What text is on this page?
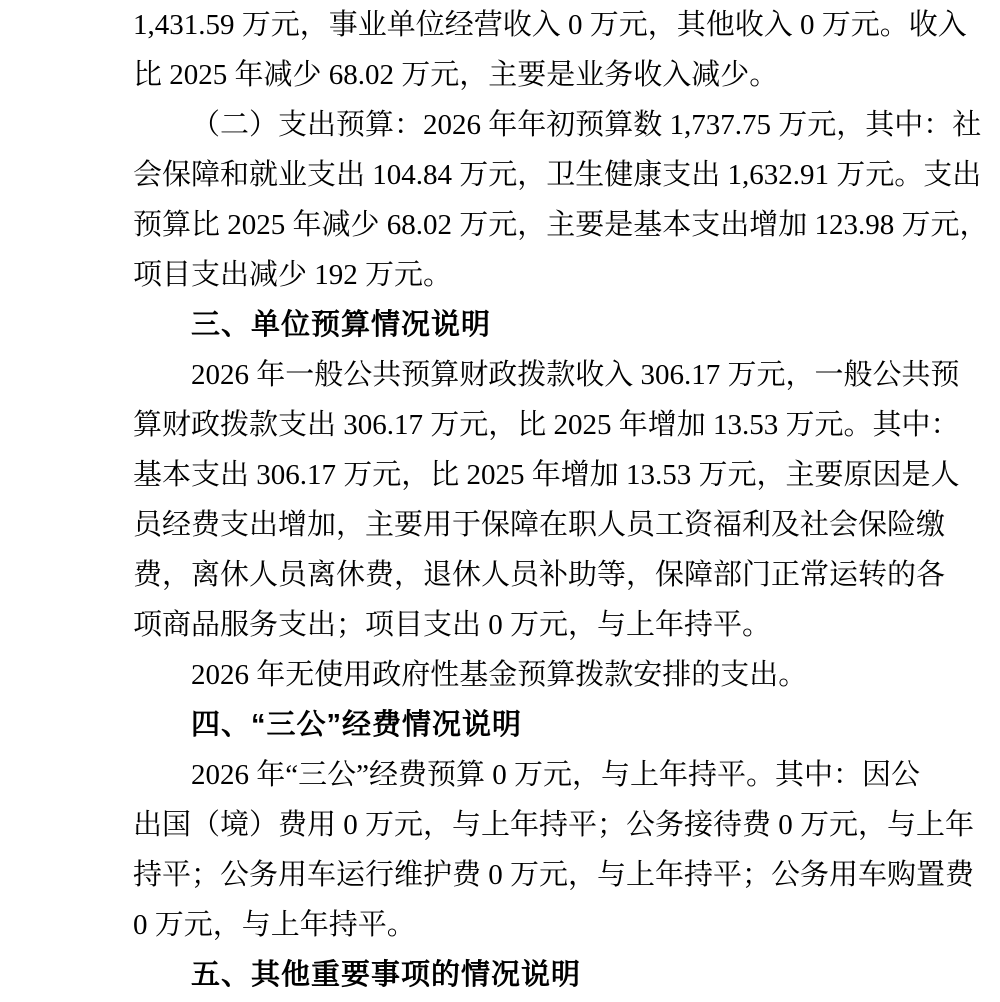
1,431.59 万元，事业单位经营收入 0 万元，其他收入 0 万元。收入
比 2025 年减少 68.02 万元，主要是业务收入减少。
（二）支出预算：2026 年年初预算数 1,737.75 万元，其中：社
会保障和就业支出 104.84 万元，卫生健康支出 1,632.91 万元。支出
预算比 2025 年减少 68.02 万元，主要是基本支出增加 123.98 万元，
项目支出减少 192 万元。
三、单位预算情况说明
2026 年一般公共预算财政拨款收入 306.17 万元，一般公共预
算财政拨款支出 306.17 万元，比 2025 年增加 13.53 万元。其中：
基本支出 306.17 万元，比 2025 年增加 13.53 万元，主要原因是人
员经费支出增加，主要用于保障在职人员工资福利及社会保险缴
费，离休人员离休费，退休人员补助等，保障部门正常运转的各
项商品服务支出；项目支出 0 万元，与上年持平。
2026 年无使用政府性基金预算拨款安排的支出。
四、“三公”经费情况说明
2026 年“三公”经费预算 0 万元，与上年持平。其中：因公
出国（境）费用 0 万元，与上年持平；公务接待费 0 万元，与上年
持平；公务用车运行维护费 0 万元，与上年持平；公务用车购置费
0 万元，与上年持平。
五、其他重要事项的情况说明
